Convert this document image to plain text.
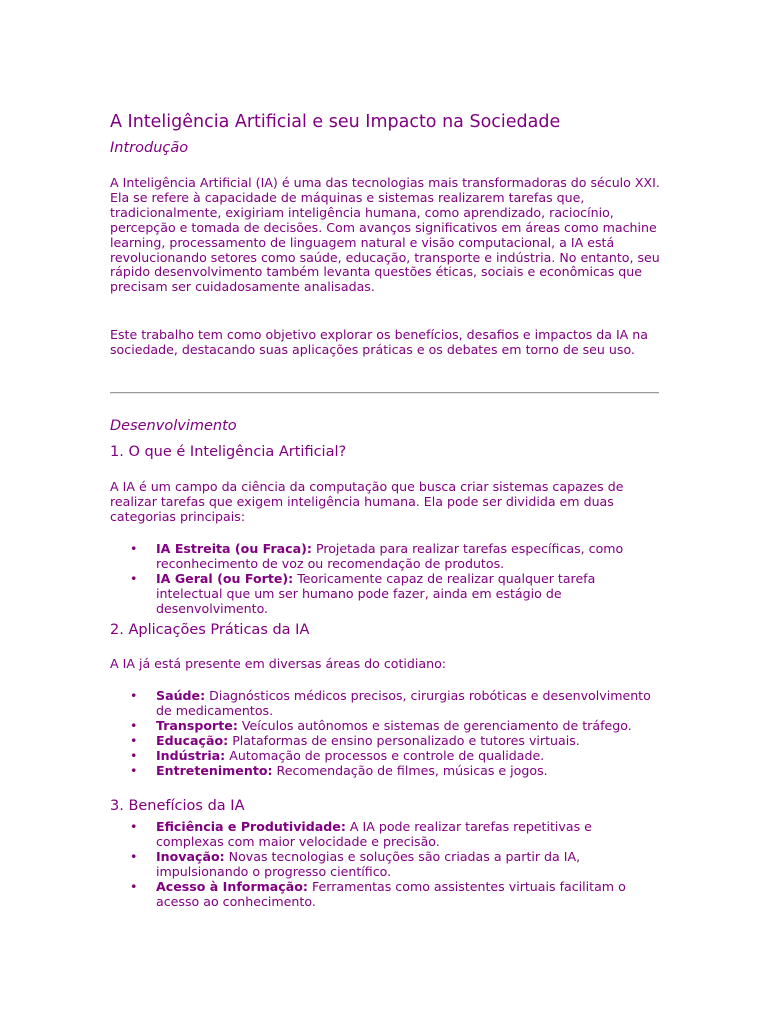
A Inteligência Artificial e seu Impacto na Sociedade
Introdução

A Inteligência Artificial (IA) é uma das tecnologias mais transformadoras do século XXI. Ela se refere à capacidade de máquinas e sistemas realizarem tarefas que, tradicionalmente, exigiriam inteligência humana, como aprendizado, raciocínio, percepção e tomada de decisões. Com avanços significativos em áreas como machine learning, processamento de linguagem natural e visão computacional, a IA está revolucionando setores como saúde, educação, transporte e indústria. No entanto, seu rápido desenvolvimento também levanta questões éticas, sociais e econômicas que precisam ser cuidadosamente analisadas.

Este trabalho tem como objetivo explorar os benefícios, desafios e impactos da IA na sociedade, destacando suas aplicações práticas e os debates em torno de seu uso.

Desenvolvimento
1. O que é Inteligência Artificial?

A IA é um campo da ciência da computação que busca criar sistemas capazes de realizar tarefas que exigem inteligência humana. Ela pode ser dividida em duas categorias principais:

• IA Estreita (ou Fraca): Projetada para realizar tarefas específicas, como reconhecimento de voz ou recomendação de produtos.
• IA Geral (ou Forte): Teoricamente capaz de realizar qualquer tarefa intelectual que um ser humano pode fazer, ainda em estágio de desenvolvimento.
2. Aplicações Práticas da IA

A IA já está presente em diversas áreas do cotidiano:

• Saúde: Diagnósticos médicos precisos, cirurgias robóticas e desenvolvimento de medicamentos.
• Transporte: Veículos autônomos e sistemas de gerenciamento de tráfego.
• Educação: Plataformas de ensino personalizado e tutores virtuais.
• Indústria: Automação de processos e controle de qualidade.
• Entretenimento: Recomendação de filmes, músicas e jogos.
3. Benefícios da IA
• Eficiência e Produtividade: A IA pode realizar tarefas repetitivas e complexas com maior velocidade e precisão.
• Inovação: Novas tecnologias e soluções são criadas a partir da IA, impulsionando o progresso científico.
• Acesso à Informação: Ferramentas como assistentes virtuais facilitam o acesso ao conhecimento.
